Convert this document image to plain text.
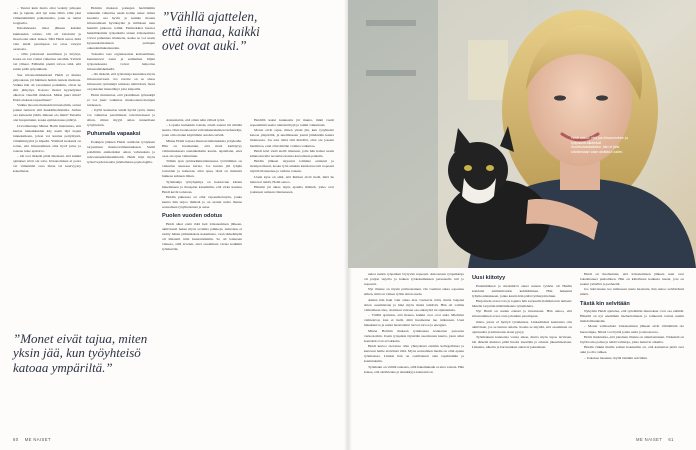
”Vähllä ajattelen, että ihanaa, kaikki ovet ovat auki.”

– Tuntui kuin matto olisi vedetty jalkojen alta ja tajusin, että nyt tulee lähtö. Olin yksi viimeisimmistä paikalaisista, joten se tuntui loogiselta.

Ilmoituksesta alkoi jälkeen kahden kuukauden odotus. Oli oli loitolumi ja moottoaite alkoi laskea. Sillä Heidi sanoi, mitä vain tehdä parempaan tai ottaa vastyöt osastosta.

– Olin jarkuvasti suruillisen ja ärtyisyt, koska en tost voinut vaikuttaa asioihin. Ystävät vei ylmaet. Elähtelin pientä toivoa siitä, että saisin pitää työpaikkani.

Sue irtisanomisherkasti Heidi ei muista paljoakaan, jäi hikäisen hetkin tunteia mentaus. Vaikka hän oli varautunut potkuihin, olivat ne silti järkyttys. Kotona mottet kyynelyinet alkoivat vistelliä mielessä. Miksi juuri minä? Enkö olekaan tarpeellinen?

Vaikka moonia mutaakin irtisanomiin, ontaat potkut tuntuvat silti henkilökohtaisilta. Jaiftan osa kaiteselsi jäädä, mikaen olo minä? Tuisaliu olet huojentunut, koska epätietoisuus päättyi.

Uravalmentaja Minna Holm muistuttaa, että kantaa tunteikkaiden käy usein läpi laajan tunnekaikaan, johon voi kuulua pettymystä, viltumiintyyttä ja häpeää. Ytimistä herkestä on tottua, että irtisanominen olisi hyvä juttu, ja toisena tulee epätoivo.

– On tosi tärkeää pitää mielessä, että kaikki ajatukset eivät ole totta. Irtisanomisen ei posta vat välienmää osaa mista tai keurvyysty kokemusta.

Holmin mukaan potkujen herättämiin tunteisiin vaikuttaa usein kolme asiaa: miten kaadetta saa hyvin ja kuinka monen irtisanomisen hyväksytän ja millaisen tuen henkilö jatkossa toimii. Esimerkiksi huonot henkilökemiat työpaikalla ennen irtisanomista voivat puhennaa tilannetta, koska se voi saada kyseenalaistamaan potkujen oikeudenmukaisuuden.

Toisaalta taas organisaation kohtaaminen, kannustavat sanat ja esimiehen hiljan työpanoksesta voivat helpottaa irtisanomishetkellä.

– On tärkeää, että työnantaja kuuntelee myös irtisanottaviaan. Jos tavoite on se ainoa irtisanottu työntekijä samassa tehtävässä, moni on jaksanut menettänyt jotta kaipailla.

Holm muistuttaa, että yksittäinen työntekijä ei voi juuri vaikuttaa muutosneuvottelujen tulokseen.

– Kyllä kannattaa tehdä hyvää työtä, mutta voi vaikuttaa paremmaan taivoinnoiseen ja silten, miten myyjä omaa tunnetilaan työyhteisön.

Puhumalla vapaaksi

Potkujen jälkeen Heidi osallistui työtyksen tarjoamaan muutosvalmennukseen. Siellä pohdittiin esimerkiksi oman vahvuuksia ja tulevaisuudenmaamitteitä. Heidi käyi myös työterveyden kautta juttelemassa psykologille.

Alakeinuttsi, että olisin näin välistä työtä.

– Lopulta kuitenkin totesin, ettem saanut irti mitään suuria. Olen luonnostani valloiskekeskeinen tiedustelija, joten olin ottanut käyttämön asioista selvää.

Minna Holm tarjoaa muutosvalmennuksia yrityksille. Hän on huomannut, että moni kieltäytyy valmennuksesta ensiaikeiksiin kautta. Ajatellaan, ettei osaa ole apua vaikuttuun.

Tämän ajan työmarkkinatilanteessa työttömiksi on vaikuttaa suuressa kertaa. Jos kuntaa jää tyhjän toiveiden ja katkeran, ellei apua, tästä on mielestä huikeaa suhteen ilman.

Työnhakija työtyhjemys on haastavien käsien hakemiseen ja tiistapian kauemmin, että virka kauissa Heidi kevät todetaan.

Heidin puheessa on ollut vapaaehtoistyön, jonka kautta hän tarjoo ihmisiä ja on saanut uusia ihanaa sosiaalisen työyhteisönsä ja asiaa.

Puolen vuoden odotus

Heidi alkoi etsiä töitä heti irtisanomisen jälkeen, aktiivisesti hakea myös avoimia paikkoja. Arinoissa ei etsitty hänen pitkäaikaista kokemusta, vaan tärkeämpää oli ilmatetti tulla haastatteluihin. Se oli toisinaan vaikeaa, sillä arvelen, ettei osaaminen vastaa kaikkiin työnkuviin.

Heidillä kaksi kuukautta jäi muuta, mikä vaatii nopeammin useita rekisteröityjä ja toimii vaikuttuun.

Monet eivät tajua, miten yksin jää, kun työyhteisö katoaa ympäriltä, ja unelmissaan joutui jämässään kautta tilanteessa. Jos asia tulisi silti ikävältä, olisi ole jossain harmittaa, ettei ollut mitään voimaa vaikuttaa.

Heidi kävi vielä siellä tilanteen, jolla hän halusi saada kiinnostavalle nostettua kantaa kasvamaan paikalla.

Heidin jälkeen tarjoutui toiminta entisesti ja monipuolisesti, koska työn ainakin kansioissa tuli nopeasti täyttää tilanteensa ja vaihtaa toiseen.

Usein kyse on siitä, että ihmiset eivät tiedä, mitä he haluavat tehdä, Holm sanoo.

Hänelle jäi aikaa myös ajatella ihmistä, jotka ovat joutuneet samaan tilanteeseen.

”Monet eivät tajua, miten yksin jää, kun työyhteisö katoaa ympäriltä.”
Heidi uskoo, että jos irtisanominen ja työpaikka alkaisivat muuttuuvastaiseksi, hän ei jäisi odottamaan vaan aloittaisi uuden.

uskoi uuden työpaikan löytyvän nopeasti. Ainoastaan työpaikkoja oli paljon tarjolla ja kaiken työkokemuksen perusteella tuli jo nopeasti.

Nyt tilanne on täysin päinvastainen. On vaatinut aikaa sopeutua siihen, mitä on vaikea työlle sitten saada.

Aluksi hän haki vain omaa alaa vastaavia töitä, mutta laajensi sitten osaamistaan ja haki myös muita tehtäviä. Hän oli valmis vaihtamaan alaa, ottamaan vastaan osa-aikatyötä tai sijaisuuksia.

– Välillä ajattelen, että ihanaa, kaikki ovet ovat auki. Mielialat vaihtelevat, kun ei tiedä, mitä huomenna tuo tullessaan. Uusi hakukierros ja uudet haastattelut tuovat toivoa ja energiaa.

Minna Holmin mukaan työnhaussa kannattaa panostaa verkostoihin. Usein työpaikat täytetään suositusten kautta, joten omat kontaktit ovat arvokkaita.

Heidi kertoo olevansa ollut yhteydessä entisiin kollegoihinsa ja kertonut heille etsivänsä töitä. Myös sosiaalinen media on ollut apuna työnhaussa. Lisäksi hän on osallistunut alan tapahtumiin ja koulutuksiin.

Työnhaku on välillä raskasta, sillä hakemuksiin ei aina vastata. Hän kokee, että aktiivisuus ja sinnikkyys kannattavat.

Uusi kiitotyy

Ensimmäinen ja merkittävä askel uuteen työhön oli Heidin kohdalla ammattitaidon kehittäminen. Hän hakeutui lyhytkoulutukseen, jonka kautta hän pääsi työharjoitteluun.

Harjoittelu avasi ovia ja lopulta hän sai kuulla ilahduttavan uutisen: hänelle tarjottiin määräaikaista työsuhdetta.

Nyt Heidi on uuden edessä ja innoissaan. Hän uskoo, että irtisanominen avasi oven johonkin parempaan.

mista, joista ei hyötyä työnhaussa. Linkedinissä kannattaa olla aktiivinen, jos se tuntuu omalta. Koska se näyttää, että osaaminen on ajantasalla ja kiinnostus alaan pysyy.

Työnhakuun kannattaa varata aikaa, mutta myös lepoa tarvitaan. On tärkeää muistaa pitää huolta itsestään ja omasta jaksamisestaan. Liikunta, ulkoilu ja harrastukset auttavat jaksamaan.

Heidi on huomannut, että irtisanomisen jälkeen asiat ovat loksahtaneet paikoilleen. Hän on kiitollinen kaikesta tuesta, jota on saanut ystäviltä ja perheeltä.

Jos tulevaisuus tuo tullessaan uusia haasteita, hän uskoo selviävänsä niistä.

Tästä kin selvitään

Nykyään Heidi ajattelee, että työelämän muutokset ovat osa elämää. Hänellä on nyt enemmän itseluottamusta ja rohkeutta tarttua uusiin mahdollisuuksiin.

– Monet vaihtoehdot irtisanomisen jälkeen eivät välttämättä ole huonompia. Niistä voi löytää jotain uutta ja innostavaa.

Holm muistuttaa, että jokainen tilanne on ainutlaatuinen. Tärkeintä on löytää oma polku ja tehdä valintoja, jotka tuntuvat oikeilta.

Heidin vinkki muille saman kokeneille on, että kannattaa pitää ovet auki ja olla rohkea.

– Uskokaa itseenne. Kyllä tästäkin selvitään.

60 ME NAISET	ME NAISET 61
